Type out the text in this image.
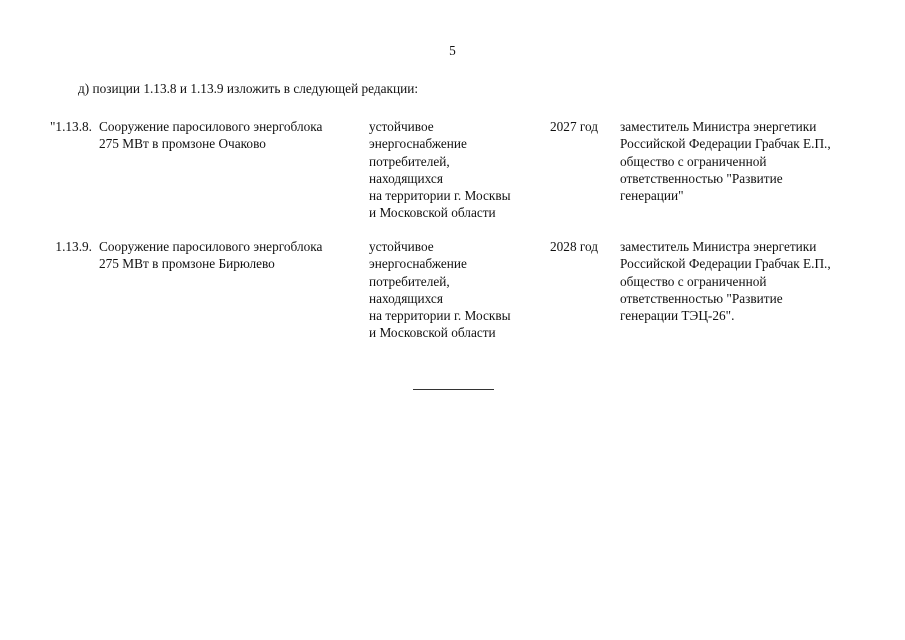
5
д) позиции 1.13.8 и 1.13.9 изложить в следующей редакции:
"1.13.8. Сооружение паросилового энергоблока
275 МВт в промзоне Очаково
устойчивое
энергоснабжение
потребителей,
находящихся
на территории г. Москвы
и Московской области
2027 год	заместитель Министра энергетики
Российской Федерации Грабчак Е.П.,
общество с ограниченной
ответственностью "Развитие
генерации"
1.13.9. Сооружение паросилового энергоблока
275 МВт в промзоне Бирюлево
устойчивое
энергоснабжение
потребителей,
находящихся
на территории г. Москвы
и Московской области
2028 год	заместитель Министра энергетики
Российской Федерации Грабчак Е.П.,
общество с ограниченной
ответственностью "Развитие
генерации ТЭЦ-26".
